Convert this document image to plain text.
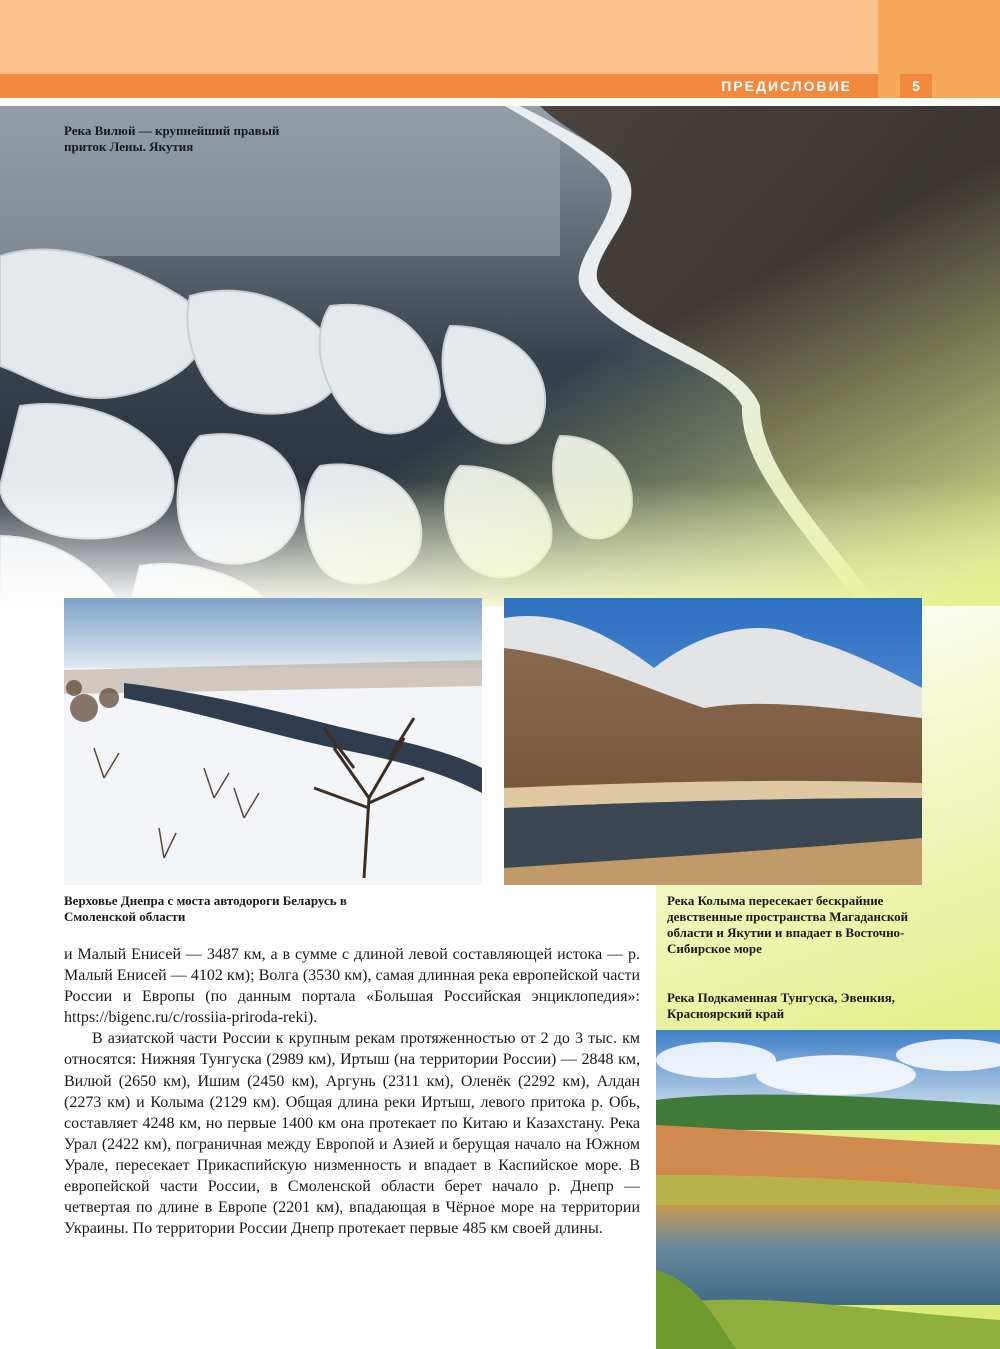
ПРЕДИСЛОВИЕ	5
Река Вилюй — крупнейший правый приток Лены. Якутия
Верховье Днепра с моста автодороги Беларусь в Смоленской области
Река Колыма пересекает бескрайние девственные пространства Магаданской области и Якутии и впадает в Восточно-Сибирское море
Река Подкаменная Тунгуска, Эвенкия, Красноярский край

и Малый Енисей — 3487 км, а в сумме с длиной левой составляющей истока — р. Малый Енисей — 4102 км); Волга (3530 км), самая длинная река европейской части России и Европы (по данным портала «Большая Российская энциклопедия»: https://bigenc.ru/c/rossiia-priroda-reki).

В азиатской части России к крупным рекам протяженностью от 2 до 3 тыс. км относятся: Нижняя Тунгуска (2989 км), Иртыш (на территории России) — 2848 км, Вилюй (2650 км), Ишим (2450 км), Аргунь (2311 км), Оленёк (2292 км), Алдан (2273 км) и Колыма (2129 км). Общая длина реки Иртыш, левого притока р. Обь, составляет 4248 км, но первые 1400 км она протекает по Китаю и Казахстану. Река Урал (2422 км), пограничная между Европой и Азией и берущая начало на Южном Урале, пересекает Прикаспийскую низменность и впадает в Каспийское море. В европейской части России, в Смоленской области берет начало р. Днепр — четвертая по длине в Европе (2201 км), впадающая в Чёрное море на территории Украины. По территории России Днепр протекает первые 485 км своей длины.
